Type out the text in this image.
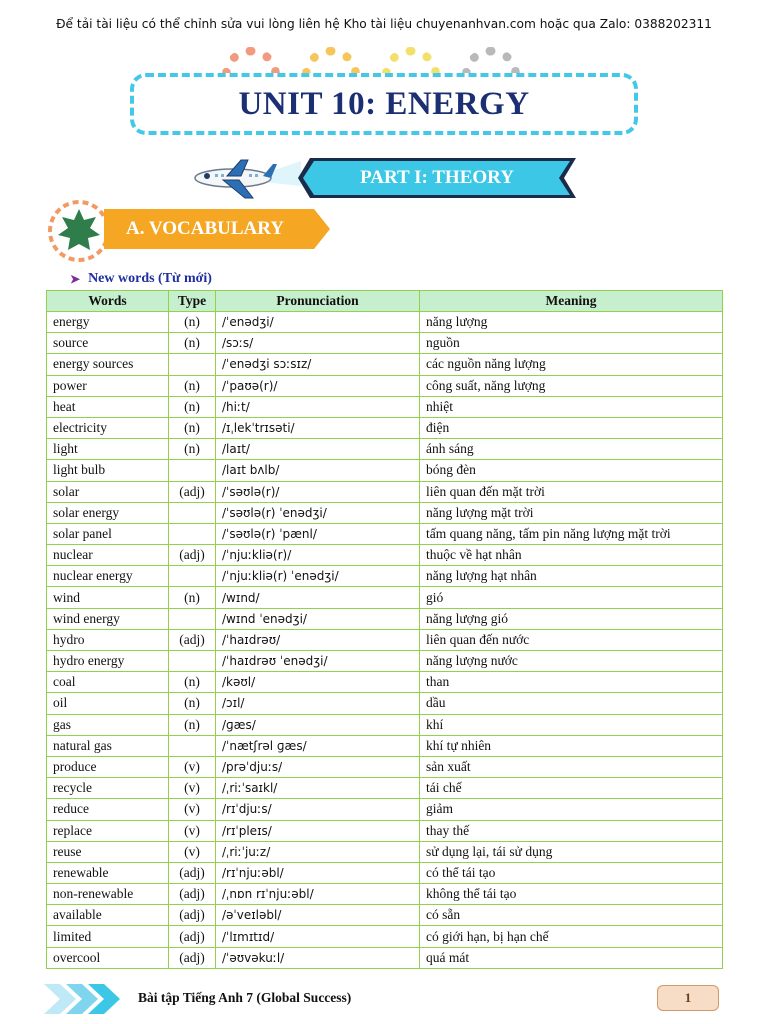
Để tải tài liệu có thể chỉnh sửa vui lòng liên hệ Kho tài liệu chuyenanhvan.com hoặc qua Zalo: 0388202311
UNIT 10: ENERGY
PART I: THEORY
A. VOCABULARY
➤ New words (Từ mới)
Words	Type	Pronunciation	Meaning
energy	(n)	/ˈenədʒi/	năng lượng
source	(n)	/sɔːs/	nguồn
energy sources		/ˈenədʒi sɔːsɪz/	các nguồn năng lượng
power	(n)	/ˈpaʊə(r)/	công suất, năng lượng
heat	(n)	/hiːt/	nhiệt
electricity	(n)	/ɪˌlekˈtrɪsəti/	điện
light	(n)	/laɪt/	ánh sáng
light bulb		/laɪt bʌlb/	bóng đèn
solar	(adj)	/ˈsəʊlə(r)/	liên quan đến mặt trời
solar energy		/ˈsəʊlə(r) ˈenədʒi/	năng lượng mặt trời
solar panel		/ˈsəʊlə(r) ˈpænl/	tấm quang năng, tấm pin năng lượng mặt trời
nuclear	(adj)	/ˈnjuːkliə(r)/	thuộc về hạt nhân
nuclear energy		/ˈnjuːkliə(r) ˈenədʒi/	năng lượng hạt nhân
wind	(n)	/wɪnd/	gió
wind energy		/wɪnd ˈenədʒi/	năng lượng gió
hydro	(adj)	/ˈhaɪdrəʊ/	liên quan đến nước
hydro energy		/ˈhaɪdrəʊ ˈenədʒi/	năng lượng nước
coal	(n)	/kəʊl/	than
oil	(n)	/ɔɪl/	dầu
gas	(n)	/ɡæs/	khí
natural gas		/ˈnætʃrəl ɡæs/	khí tự nhiên
produce	(v)	/prəˈdjuːs/	sản xuất
recycle	(v)	/ˌriːˈsaɪkl/	tái chế
reduce	(v)	/rɪˈdjuːs/	giảm
replace	(v)	/rɪˈpleɪs/	thay thế
reuse	(v)	/ˌriːˈjuːz/	sử dụng lại, tái sử dụng
renewable	(adj)	/rɪˈnjuːəbl/	có thể tái tạo
non-renewable	(adj)	/ˌnɒn rɪˈnjuːəbl/	không thể tái tạo
available	(adj)	/əˈveɪləbl/	có sẵn
limited	(adj)	/ˈlɪmɪtɪd/	có giới hạn, bị hạn chế
overcool	(adj)	/ˈəʊvəkuːl/	quá mát
Bài tập Tiếng Anh 7 (Global Success)	1
